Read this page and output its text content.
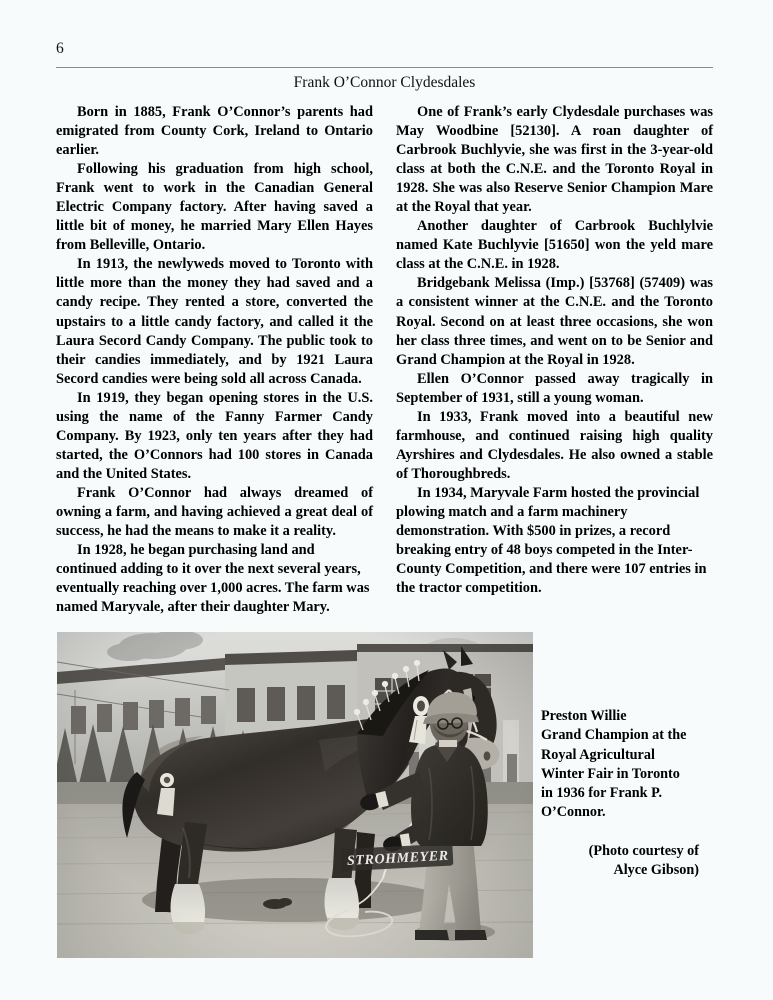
6
Frank O’Connor Clydesdales

Born in 1885, Frank O’Connor’s parents had emigrated from County Cork, Ireland to Ontario earlier.

Following his graduation from high school, Frank went to work in the Canadian General Electric Company factory. After having saved a little bit of money, he married Mary Ellen Hayes from Belleville, Ontario.

In 1913, the newlyweds moved to Toronto with little more than the money they had saved and a candy recipe. They rented a store, converted the upstairs to a little candy factory, and called it the Laura Secord Candy Company. The public took to their candies immediately, and by 1921 Laura Secord candies were being sold all across Canada.

In 1919, they began opening stores in the U.S. using the name of the Fanny Farmer Candy Company. By 1923, only ten years after they had started, the O’Connors had 100 stores in Canada and the United States.

Frank O’Connor had always dreamed of owning a farm, and having achieved a great deal of success, he had the means to make it a reality.

In 1928, he began purchasing land and continued adding to it over the next several years, eventually reaching over 1,000 acres. The farm was named Maryvale, after their daughter Mary.

One of Frank’s early Clydesdale purchases was May Woodbine [52130]. A roan daughter of Carbrook Buchlyvie, she was first in the 3-year-old class at both the C.N.E. and the Toronto Royal in 1928. She was also Reserve Senior Champion Mare at the Royal that year.

Another daughter of Carbrook Buchlylvie named Kate Buchlyvie [51650] won the yeld mare class at the C.N.E. in 1928.

Bridgebank Melissa (Imp.) [53768] (57409) was a consistent winner at the C.N.E. and the Toronto Royal. Second on at least three occasions, she won her class three times, and went on to be Senior and Grand Champion at the Royal in 1928.

Ellen O’Connor passed away tragically in September of 1931, still a young woman.

In 1933, Frank moved into a beautiful new farmhouse, and continued raising high quality Ayrshires and Clydesdales. He also owned a stable of Thoroughbreds.

In 1934, Maryvale Farm hosted the provincial plowing match and a farm machinery demonstration. With $500 in prizes, a record breaking entry of 48 boys competed in the Inter-County Competition, and there were 107 entries in the tractor competition.

Preston Willie
Grand Champion at the
Royal Agricultural
Winter Fair in Toronto
in 1936 for Frank P.
O’Connor.
(Photo courtesy of
Alyce Gibson)
